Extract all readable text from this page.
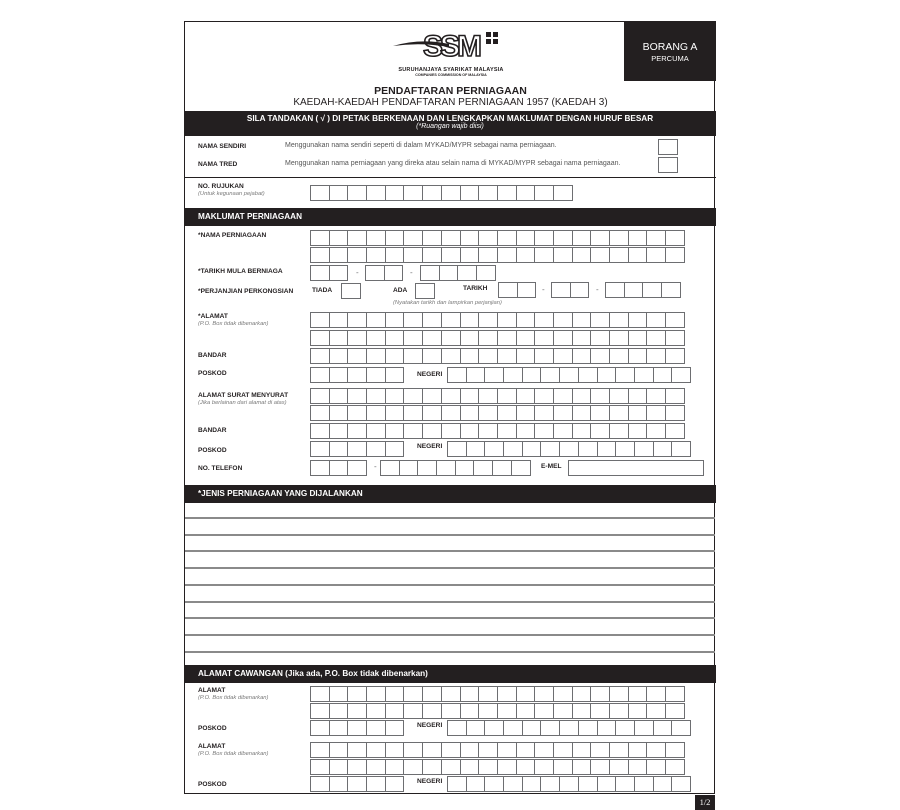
SSM
SURUHANJAYA SYARIKAT MALAYSIA
COMPANIES COMMISSION OF MALAYSIA
BORANG A
PERCUMA
PENDAFTARAN PERNIAGAAN
KAEDAH-KAEDAH PENDAFTARAN PERNIAGAAN 1957 (KAEDAH 3)
SILA TANDAKAN ( √ ) DI PETAK BERKENAAN DAN LENGKAPKAN MAKLUMAT DENGAN HURUF BESAR
(*Ruangan wajib diisi)
NAMA SENDIRI	Menggunakan nama sendiri seperti di dalam MYKAD/MYPR sebagai nama perniagaan.
NAMA TRED	Menggunakan nama perniagaan yang direka atau selain nama di MYKAD/MYPR sebagai nama perniagaan.
NO. RUJUKAN
(Untuk kegunaan pejabat)
MAKLUMAT PERNIAGAAN
*NAMA PERNIAGAAN
*TARIKH MULA BERNIAGA	-	-
*PERJANJIAN PERKONGSIAN	TIADA	ADA	TARIKH	-	-
(Nyatakan tarikh dan lampirkan perjanjian)
*ALAMAT
(P.O. Box tidak dibenarkan)
BANDAR
POSKOD	NEGERI
ALAMAT SURAT MENYURAT
(Jika berlainan dari alamat di atas)
BANDAR
POSKOD
NEGERI
NO. TELEFON	-	E-MEL
*JENIS PERNIAGAAN YANG DIJALANKAN
ALAMAT CAWANGAN (Jika ada, P.O. Box tidak dibenarkan)
ALAMAT
(P.O. Box tidak dibenarkan)
POSKOD	NEGERI
ALAMAT
(P.O. Box tidak dibenarkan)
POSKOD	NEGERI
1/2
